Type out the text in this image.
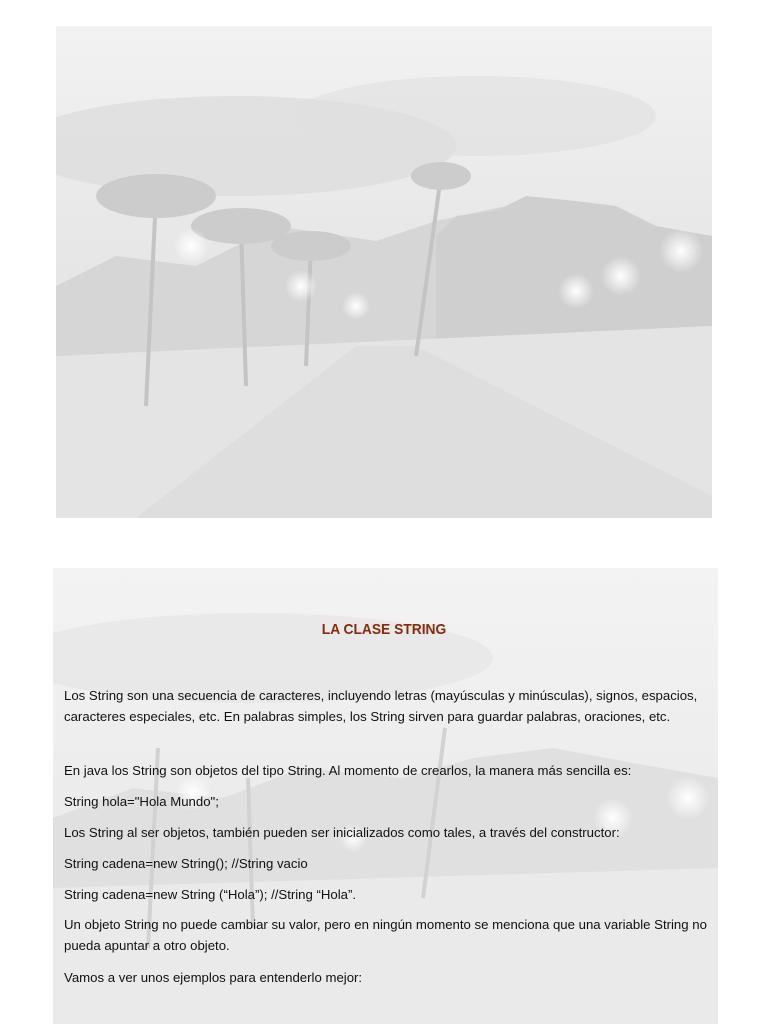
LA CLASE STRING

Los String son una secuencia de caracteres, incluyendo letras (mayúsculas y minúsculas), signos, espacios, caracteres especiales, etc. En palabras simples, los String sirven para guardar palabras, oraciones, etc.

En java los String son objetos del tipo String. Al momento de crearlos, la manera más sencilla es:

String hola="Hola Mundo";

Los String al ser objetos, también pueden ser inicializados como tales, a través del constructor:

String cadena=new String(); //String vacio

String cadena=new String (“Hola”); //String “Hola”.

Un objeto String no puede cambiar su valor, pero en ningún momento se menciona que una variable String no pueda apuntar a otro objeto.

Vamos a ver unos ejemplos para entenderlo mejor:
